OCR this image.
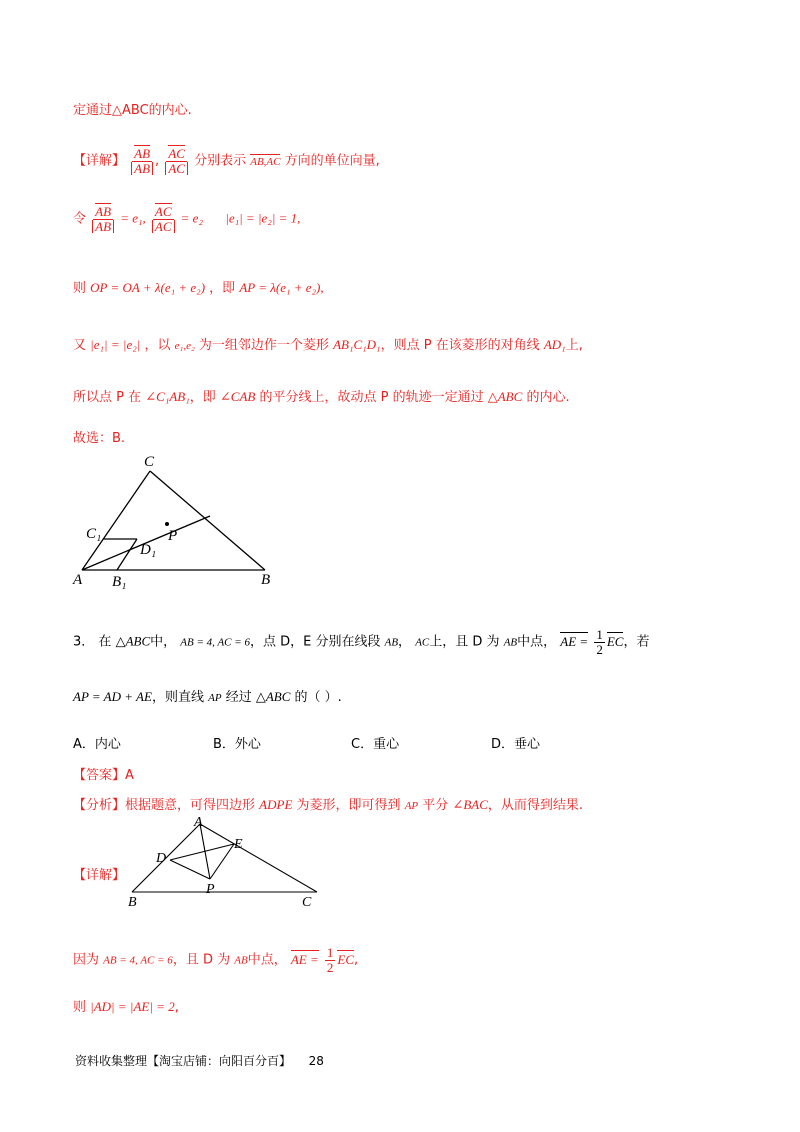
定通过△ABC的内心.
【详解】 $\frac{AB}{AB}$ , $\frac{AC}{AC}$ 分别表示 AB,AC 方向的单位向量,
令 $\frac{AB}{AB} = e_1$, $\frac{AC}{AC} = e_2$ |e₁| = |e₂| = 1,
则 OP = OA + λ(e₁ + e₂) ，即 AP = λ(e₁ + e₂),
又 |e₁| = |e₂| ，以 e₁,e₂ 为一组邻边作一个菱形 AB₁C₁D₁，则点 P 在该菱形的对角线 AD₁上,
所以点 P 在 ∠C₁AB₁，即 ∠CAB 的平分线上，故动点 P 的轨迹一定通过 △ABC 的内心.
故选：B.
C
C₁	P
D₁
A B₁	B
3． 在 △ABC中， AB = 4, AC = 6，点 D，E 分别在线段 AB， AC上，且 D 为 AB中点， AE = $\frac{1}{2}$ EC，若
AP = AD + AE，则直线 AP 经过 △ABC 的（ ）.
A．内心	B．外心	C．重心	D．垂心
【答案】A
【分析】根据题意，可得四边形 ADPE 为菱形，即可得到 AP 平分 ∠BAC，从而得到结果.
【详解】
A
D
E
P
B	C
因为 AB = 4, AC = 6，且 D 为 AB中点， AE = $\frac{1}{2}$ EC,
则 |AD| = |AE| = 2,
资料收集整理【淘宝店铺：向阳百分百】 28
